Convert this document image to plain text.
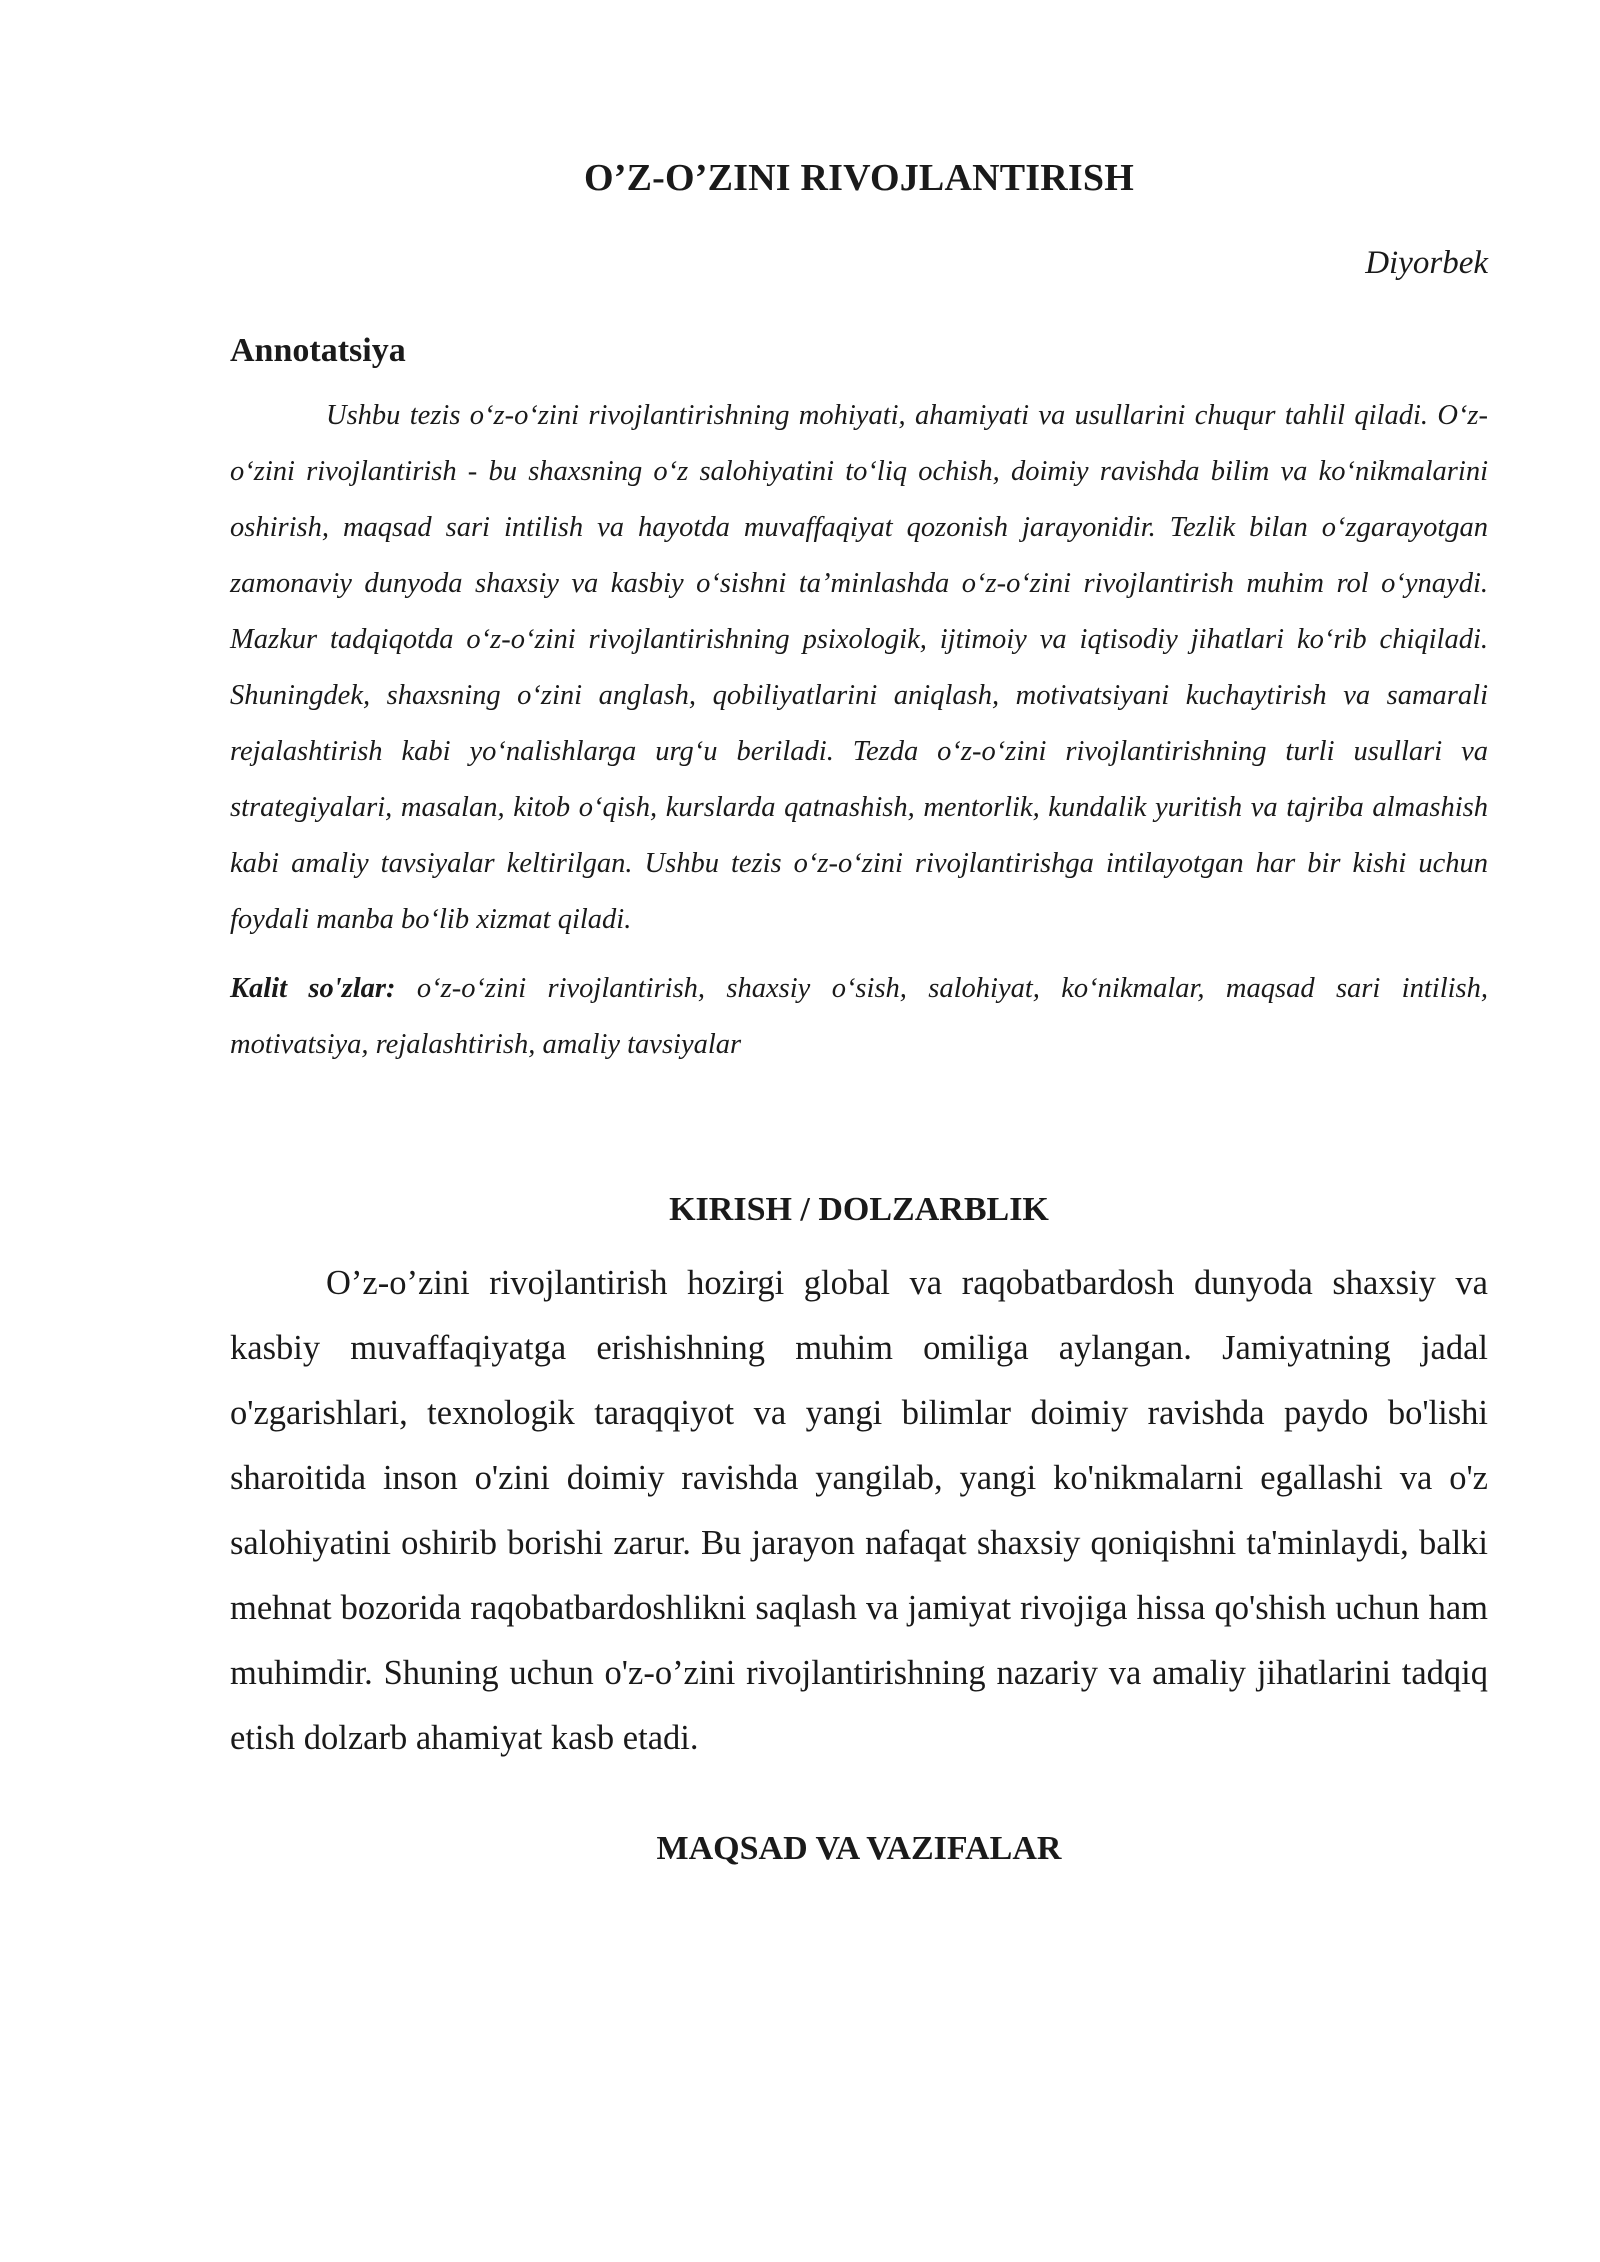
O’Z-O’ZINI RIVOJLANTIRISH

Diyorbek

Annotatsiya

Ushbu tezis o‘z-o‘zini rivojlantirishning mohiyati, ahamiyati va usullarini chuqur tahlil qiladi. O‘z-o‘zini rivojlantirish - bu shaxsning o‘z salohiyatini to‘liq ochish, doimiy ravishda bilim va ko‘nikmalarini oshirish, maqsad sari intilish va hayotda muvaffaqiyat qozonish jarayonidir. Tezlik bilan o‘zgarayotgan zamonaviy dunyoda shaxsiy va kasbiy o‘sishni ta’minlashda o‘z-o‘zini rivojlantirish muhim rol o‘ynaydi. Mazkur tadqiqotda o‘z-o‘zini rivojlantirishning psixologik, ijtimoiy va iqtisodiy jihatlari ko‘rib chiqiladi. Shuningdek, shaxsning o‘zini anglash, qobiliyatlarini aniqlash, motivatsiyani kuchaytirish va samarali rejalashtirish kabi yo‘nalishlarga urg‘u beriladi. Tezda o‘z-o‘zini rivojlantirishning turli usullari va strategiyalari, masalan, kitob o‘qish, kurslarda qatnashish, mentorlik, kundalik yuritish va tajriba almashish kabi amaliy tavsiyalar keltirilgan. Ushbu tezis o‘z-o‘zini rivojlantirishga intilayotgan har bir kishi uchun foydali manba bo‘lib xizmat qiladi.

Kalit so'zlar: o‘z-o‘zini rivojlantirish, shaxsiy o‘sish, salohiyat, ko‘nikmalar, maqsad sari intilish, motivatsiya, rejalashtirish, amaliy tavsiyalar

KIRISH / DOLZARBLIK

O’z-o’zini rivojlantirish hozirgi global va raqobatbardosh dunyoda shaxsiy va kasbiy muvaffaqiyatga erishishning muhim omiliga aylangan. Jamiyatning jadal o'zgarishlari, texnologik taraqqiyot va yangi bilimlar doimiy ravishda paydo bo'lishi sharoitida inson o'zini doimiy ravishda yangilab, yangi ko'nikmalarni egallashi va o'z salohiyatini oshirib borishi zarur. Bu jarayon nafaqat shaxsiy qoniqishni ta'minlaydi, balki mehnat bozorida raqobatbardoshlikni saqlash va jamiyat rivojiga hissa qo'shish uchun ham muhimdir. Shuning uchun o'z-o’zini rivojlantirishning nazariy va amaliy jihatlarini tadqiq etish dolzarb ahamiyat kasb etadi.

MAQSAD VA VAZIFALAR
